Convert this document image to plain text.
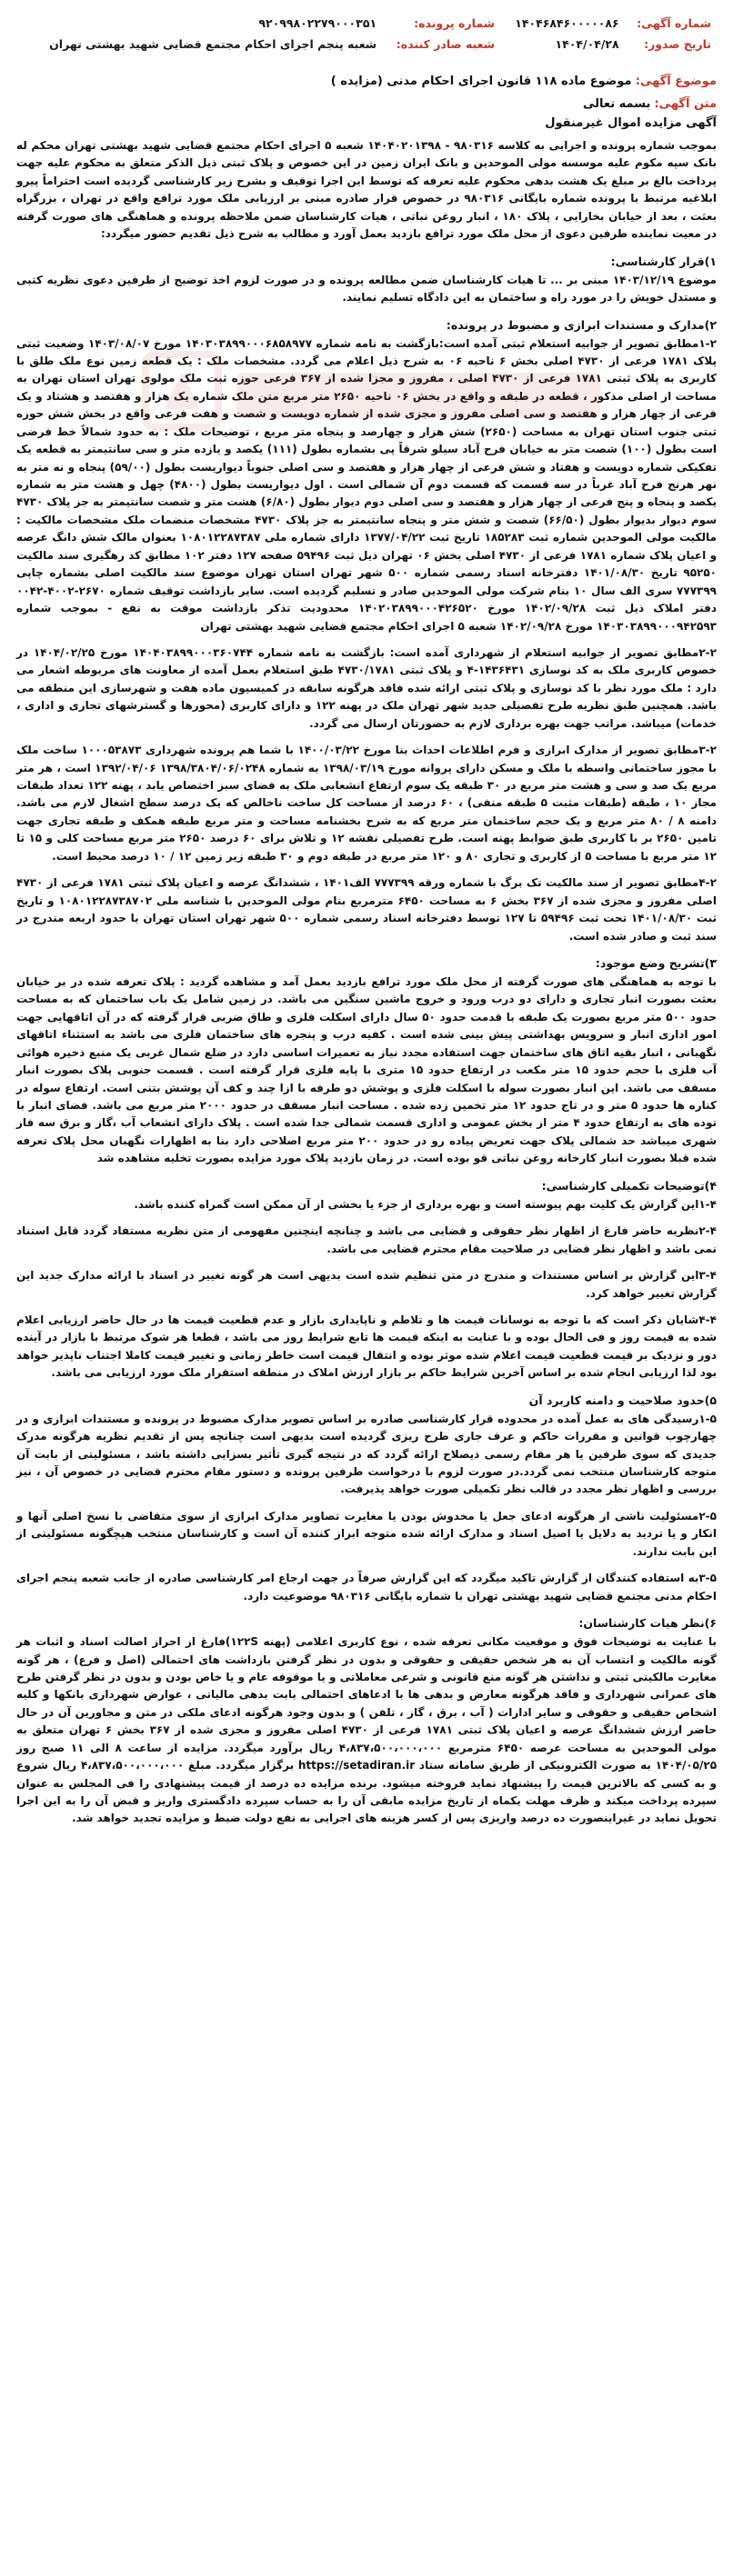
شماره آگهی:	۱۴۰۴۶۸۴۶۰۰۰۰۰۸۶	شماره پرونده:	۹۲۰۹۹۸۰۲۲۷۹۰۰۰۳۵۱
تاریخ صدور:	۱۴۰۴/۰۴/۲۸	شعبه صادر کننده:	شعبه پنجم اجرای احکام مجتمع قضایی شهید بهشتی تهران
موضوع آگهی: موضوع ماده ۱۱۸ قانون اجرای احکام مدنی (مزایده )
متن آگهی: بسمه تعالی
آگهی مزایده اموال غیرمنقول

بموجب شماره پرونده و اجرایی به کلاسه ۹۸۰۳۱۶ - ۱۴۰۴۰۲۰۱۳۹۸ شعبه ۵ اجرای احکام مجتمع قضایی شهید بهشتی تهران محکم له بانک سپه مکوم علیه موسسه مولی الموحدین و بانک ایران زمین در این خصوص و پلاک ثبتی ذیل الذکر متعلق به محکوم علیه جهت پرداخت بالغ بر مبلغ یک هشت بدهی محکوم علیه تعرفه که توسط این اجرا توقیف و بشرح زیر کارشناسی گردیده است احتراماً پیرو ابلاغیه مرتبط با پرونده شماره بایگانی ۹۸۰۳۱۶ در خصوص قرار صادره مبنی بر ارزیابی ملک مورد ترافع واقع در تهران ، بزرگراه بعثت ، بعد از خیابان بخارایی ، پلاک ۱۸۰ ، انبار روغن نباتی ، هیات کارشناسان ضمن ملاحظه پرونده و هماهنگی های صورت گرفته در معیت نماینده طرفین دعوی از محل ملک مورد ترافع بازدید بعمل آورد و مطالب به شرح ذیل تقدیم حضور میگردد:

۱)قرار کارشناسی:

موضوع ۱۴۰۳/۱۲/۱۹ مبنی بر ... تا هیات کارشناسان ضمن مطالعه پرونده و در صورت لزوم اخذ توضیح از طرفین دعوی نظریه کتبی و مستدل خویش را در مورد راه و ساختمان به این دادگاه تسلیم نمایند.

۲)مدارک و مستندات ابرازی و مضبوط در پرونده:

۱-۲مطابق تصویر از جوابیه استعلام ثبتی آمده است:بازگشت به نامه شماره ۱۴۰۳۰۳۸۹۹۰۰۰۶۸۵۸۹۷۷ مورخ ۱۴۰۳/۰۸/۰۷ وضعیت ثبتی پلاک ۱۷۸۱ فرعی از ۴۷۳۰ اصلی بخش ۶ ناحیه ۰۶ به شرح ذیل اعلام می گردد. مشخصات ملک : یک قطعه زمین نوع ملک طلق با کاربری به پلاک ثبتی ۱۷۸۱ فرعی از ۴۷۳۰ اصلی ، مفروز و مجزا شده از ۳۶۷ فرعی حوزه ثبت ملک مولوی تهران استان تهران به مساحت از اصلی مذکور ، قطعه در طبقه و واقع در بخش ۰۶ ناحیه ۲۶۵۰ متر مربع متن ملک شماره یک هزار و هفتصد و هشتاد و یک فرعی از چهار هزار و هفتصد و سی اصلی مفروز و مجزی شده از شماره دویست و شصت و هفت فرعی واقع در بخش شش حوزه ثبتی جنوب استان تهران به مساحت (۲۶۵۰) شش هزار و چهارصد و پنجاه متر مربع ، توضیحات ملک : به حدود شمالاً خط فرضی است بطول (۱۰۰) شصت متر به خیابان فرح آباد سیلو شرقاً پی بشماره بطول (۱۱۱) یکصد و یازده متر و سی سانتیمتر به قطعه یک تفکیکی شماره دویست و هفتاد و شش فرعی از چهار هزار و هفتصد و سی اصلی جنوباً دیواریست بطول (۵۹/۰۰) پنجاه و نه متر به نهر هرنج فرح آباد غرباً در سه قسمت که قسمت دوم آن شمالی است . اول دیواریست بطول (۴۸۰۰) چهل و هشت متر به شماره یکصد و پنجاه و پنج فرعی از چهار هزار و هفتصد و سی اصلی دوم دیوار بطول (۶/۸۰) هشت متر و شصت سانتیمتر به جز پلاک ۴۷۳۰ سوم دیوار بدیوار بطول (۶۶/۵۰) شصت و شش متر و پنجاه سانتیمتر به جز پلاک ۴۷۳۰ مشخصات منضمات ملک مشخصات مالکیت : مالکیت مولی الموحدین شماره ثبت ۱۸۵۲۸۳ تاریخ ثبت ۱۳۷۷/۰۴/۲۲ دارای شماره ملی ۱۰۸۰۱۲۲۸۷۳۸۷ بعنوان مالک شش دانگ عرصه و اعیان پلاک شماره ۱۷۸۱ فرعی از ۴۷۳۰ اصلی بخش ۰۶ تهران ذیل ثبت ۵۹۴۹۶ صفحه ۱۲۷ دفتر ۱۰۲ مطابق کد رهگیری سند مالکیت ۹۵۲۵۰ تاریخ ۱۴۰۱/۰۸/۳۰ دفترخانه اسناد رسمی شماره ۵۰۰ شهر تهران استان تهران موضوع سند مالکیت اصلی بشماره چاپی ۷۷۷۳۹۹ سری الف سال ۱۰ بنام شرکت مولی الموحدین صادر و تسلیم گردیده است. سایر بازداشت توقیف شماره ۲۶۷۰-۴۰۰۲-۰۰۴۲ دفتر املاک ذیل ثبت ۱۴۰۲/۰۹/۲۸ مورخ ۱۴۰۲۰۳۸۹۹۰۰۰۴۲۶۵۲۰ محدودیت تذکر بازداشت موقت به نفع - بموجب شماره ۱۴۰۳۰۳۸۹۹۰۰۰۹۴۲۵۹۳ مورخ ۱۴۰۲/۰۹/۲۸ شعبه ۵ اجرای احکام مجتمع قضایی شهید بهشتی تهران

۲-۲مطابق تصویر از جوابیه استعلام از شهرداری آمده است: بازگشت به نامه شماره ۱۴۰۴۰۳۸۹۹۰۰۰۳۶۰۷۴۴ مورخ ۱۴۰۴/۰۲/۲۵ در خصوص کاربری ملک به کد نوسازی ۱۴۳۶۴۳۱-۴ و پلاک ثبتی ۴۷۳۰/۱۷۸۱ طبق استعلام بعمل آمده از معاونت های مربوطه اشعار می دارد : ملک مورد نظر با کد نوسازی و پلاک ثبتی ارائه شده فاقد هرگونه سابقه در کمیسیون ماده هفت و شهرسازی این منطقه می باشد. همچنین طبق نظریه طرح تفصیلی جدید شهر تهران ملک در پهنه ۱۲۲ و دارای کاربری (محورها و گسترشهای تجاری و اداری ، خدمات) میباشد. مراتب جهت بهره برداری لازم به حضورتان ارسال می گردد.

۳-۲مطابق تصویر از مدارک ابرازی و فرم اطلاعات احداث بنا مورخ ۱۴۰۰/۰۳/۲۲ با شما هم پرونده شهرداری ۱۰۰۰۵۳۸۷۳ ساخت ملک با مجوز ساختمانی واسطه با ملک و مسکن دارای پروانه مورخ ۱۳۹۸/۰۳/۱۹ به شماره ۱۳۹۸/۳۸۰۴/۰۶/۰۲۴۸ ۱۳۹۲/۰۴/۰۶ است ، هر متر مربع یک صد و سی و هشت متر مربع در ۳۰ طبقه یک سوم ارتفاع انشعابی ملک به فضای سبز اختصاص یابد ، پهنه ۱۲۲ تعداد طبقات مجاز ۱۰ ، طبقه (طبقات مثبت ۵ طبقه منفی) ، ۶۰ درصد از مساحت کل ساخت ناخالص که یک درصد سطح اشغال لازم می باشد. دامنه ۸ / ۸۰ متر مربع و یک حجم ساختمان متر مربع که به شرح بخشنامه مساحت و متر مربع طبقه همکف و طبقه تجاری جهت تامین ۲۶۵۰ بر با کاربری طبق ضوابط پهنه است. طرح تفصیلی نقشه ۱۲ و تلاش برای ۶۰ درصد ۲۶۵۰ متر مربع مساحت کلی و ۱۵ تا ۱۲ متر مربع با مساحت ۵ از کاربری و تجاری ۸۰ و ۱۲۰ متر مربع در طبقه دوم و ۳۰ طبقه زیر زمین ۱۲ / ۱۰ درصد محیط است.

۴-۲مطابق تصویر از سند مالکیت تک برگ با شماره ورقه ۷۷۷۳۹۹ الف۱۴۰۱ ، ششدانگ عرصه و اعیان پلاک ثبتی ۱۷۸۱ فرعی از ۴۷۳۰ اصلی مفروز و مجزی شده از ۳۶۷ بخش ۶ به مساحت ۶۴۵۰ مترمربع بنام مولی الموحدین با شناسه ملی ۱۰۸۰۱۲۲۸۷۳۸۷۰۲ و تاریخ ثبت ۱۴۰۱/۰۸/۳۰ تحت ثبت ۵۹۴۹۶ تا ۱۲۷ توسط دفترخانه اسناد رسمی شماره ۵۰۰ شهر تهران استان تهران با حدود اربعه مندرج در سند ثبت و صادر شده است.

۳)تشریح وضع موجود:

با توجه به هماهنگی های صورت گرفته از محل ملک مورد ترافع بازدید بعمل آمد و مشاهده گردید : پلاک تعرفه شده در بر خیابان بعثت بصورت انبار تجاری و دارای دو درب ورود و خروج ماشین سنگین می باشد. در زمین شامل یک باب ساختمان که به مساحت حدود ۵۰۰ متر مربع بصورت یک طبقه با قدمت حدود ۵۰ سال دارای اسکلت فلزی و طاق ضربی قرار گرفته که در آن اتاقهایی جهت امور اداری انبار و سرویس بهداشتی پیش بینی شده است . کفیه درب و پنجره های ساختمان فلزی می باشد به استثناء اتاقهای نگهبانی ، انبار بقیه اتاق های ساختمان جهت استفاده مجدد نیاز به تعمیرات اساسی دارد در ضلع شمال غربی یک منبع ذخیره هوائی آب فلزی با حجم حدود ۱۵ متر مکعب در ارتفاع حدود ۱۵ متری با پایه فلزی قرار گرفته است . قسمت جنوبی پلاک بصورت انبار مسقف می باشد. این انبار بصورت سوله با اسکلت فلزی و پوشش دو طرفه با ازا چند و کف آن پوشش بتنی است. ارتفاع سوله در کناره ها حدود ۵ متر و در تاج حدود ۱۲ متر تخمین زده شده . مساحت انبار مسقف در حدود ۲۰۰۰ متر مربع می باشد. فضای انبار با توده های به ارتفاع حدود ۴ متر از بخش عمومی و اداری قسمت شمالی جدا شده است . پلاک دارای انشعاب آب ،گاز و برق سه فاز شهری میباشد حد شمالی پلاک جهت تعریض پیاده رو در حدود ۲۰۰ متر مربع اصلاحی دارد بنا به اظهارات نگهبان محل پلاک تعرفه شده قبلا بصورت انبار کارخانه روغن نباتی قو بوده است. در زمان بازدید پلاک مورد مزایده بصورت تخلیه مشاهده شد

۴)توضیحات تکمیلی کارشناسی:

۱-۴این گزارش یک کلیت بهم پیوسته است و بهره برداری از جزء یا بخشی از آن ممکن است گمراه کننده باشد.

۲-۴نظریه حاضر فارغ از اظهار نظر حقوقی و قضایی می باشد و چنانچه اینچنین مفهومی از متن نظریه مستفاد گردد قابل استناد نمی باشد و اظهار نظر قضایی در صلاحیت مقام محترم قضایی می باشد.

۳-۴این گزارش بر اساس مستندات و مندرج در متن تنظیم شده است بدیهی است هر گونه تغییر در اسناد با ارائه مدارک جدید این گزارش تغییر خواهد کرد.

۴-۴شایان ذکر است که با توجه به نوسانات قیمت ها و تلاطم و ناپایداری بازار و عدم قطعیت قیمت ها در حال حاضر ارزیابی اعلام شده به قیمت روز و فی الحال بوده و با عنایت به اینکه قیمت ها تابع شرایط روز می باشد ، قطعا هر شوک مرتبط با بازار در آینده دور و نزدیک بر قیمت قطعیت قیمت اعلام شده موثر بوده و انتقال قیمت است خاطر زمانی و تغییر قیمت کاملا اجتناب ناپذیر خواهد بود لذا ارزیابی انجام شده بر اساس آخرین شرایط حاکم بر بازار ارزش املاک در منطقه استقرار ملک مورد ارزیابی می باشد.

۵)حدود صلاحیت و دامنه کاربرد آن

۱-۵رسیدگی های به عمل آمده در محدوده قرار کارشناسی صادره بر اساس تصویر مدارک مضبوط در پرونده و مستندات ابرازی و در چهارچوب قوانین و مقررات حاکم و عرف جاری طرح ریزی گردیده است بدیهی است چنانچه پس از تقدیم نظریه هرگونه مدرک جدیدی که سوی طرفین یا هر مقام رسمی ذیصلاح ارائه گردد که در نتیجه گیری تأثیر بسزایی داشته باشد ، مسئولیتی از بابت آن متوجه کارشناسان منتخب نمی گردد.در صورت لزوم با درخواست طرفین پرونده و دستور مقام محترم قضایی در خصوص آن ، نیز بررسی و اظهار نظر مجدد در قالب نظر تکمیلی صورت خواهد پذیرفت.

۲-۵مسئولیت ناشی از هرگونه ادعای جعل یا مخدوش بودن یا مغایرت تصاویر مدارک ابرازی از سوی متقاضی با نسخ اصلی آنها و انکار و یا تردید به دلایل یا اصیل اسناد و مدارک ارائه شده متوجه ابراز کننده آن است و کارشناسان منتخب هیچگونه مسئولیتی از این بابت ندارند.

۳-۵به استفاده کنندگان از گزارش تاکید میگردد که این گزارش صرفاً در جهت ارجاع امر کارشناسی صادره از جانب شعبه پنجم اجرای احکام مدنی مجتمع قضایی شهید بهشتی تهران با شماره بایگانی ۹۸۰۳۱۶ موضوعیت دارد.

۶)نظر هیات کارشناسان:

با عنایت به توضیحات فوق و موقعیت مکانی تعرفه شده ، نوع کاربری اعلامی (پهنه ۱۲۲S)فارغ از احراز اصالت اسناد و اثبات هر گونه مالکیت و انتساب آن به هر شخص حقیقی و حقوقی و بدون در نظر گرفتن بازداشت های احتمالی (اصل و فرع) ، هر گونه مغایرت مالکیتی ثبتی و نداشتن هر گونه منع قانونی و شرعی معاملاتی و یا موقوفه عام و یا خاص بودن و بدون در نظر گرفتن طرح های عمرانی شهرداری و فاقد هرگونه معارض و بدهی ها با ادعاهای احتمالی بابت بدهی مالیاتی ، عوارض شهرداری بانکها و کلیه اشخاص حقیقی و حقوقی و سایر ادارات ( آب ، برق ، گاز ، تلفن ) و بدون وجود هرگونه ادعای ملکی در متن و مجاورین آن در حال حاضر ارزش ششدانگ عرصه و اعیان پلاک ثبتی ۱۷۸۱ فرعی از ۴۷۳۰ اصلی مفروز و مجزی شده از ۳۶۷ بخش ۶ تهران متعلق به مولی الموحدین به مساحت عرصه ۶۴۵۰ مترمربع ۴،۸۳۷،۵۰۰،۰۰۰،۰۰۰ ریال برآورد میگردد. مزایده از ساعت ۸ الی ۱۱ صبح روز ۱۴۰۴/۰۵/۲۵ به صورت الکترونیکی از طریق سامانه ستاد https://setadiran.ir برگزار میگردد. مبلغ ۴،۸۳۷،۵۰۰،۰۰۰،۰۰۰ ریال شروع و به کسی که بالاترین قیمت را پیشنهاد نماید فروخته میشود. برنده مزایده ده درصد از قیمت پیشنهادی را فی المجلس به عنوان سپرده پرداخت میکند و ظرف مهلت یکماه از تاریخ مزایده مابقی آن را به حساب سپرده دادگستری واریز و قبض آن را به این اجرا تحویل نماید در غیراینصورت ده درصد واریزی پس از کسر هزینه های اجرایی به نفع دولت ضبط و مزایده تجدید خواهد شد.
